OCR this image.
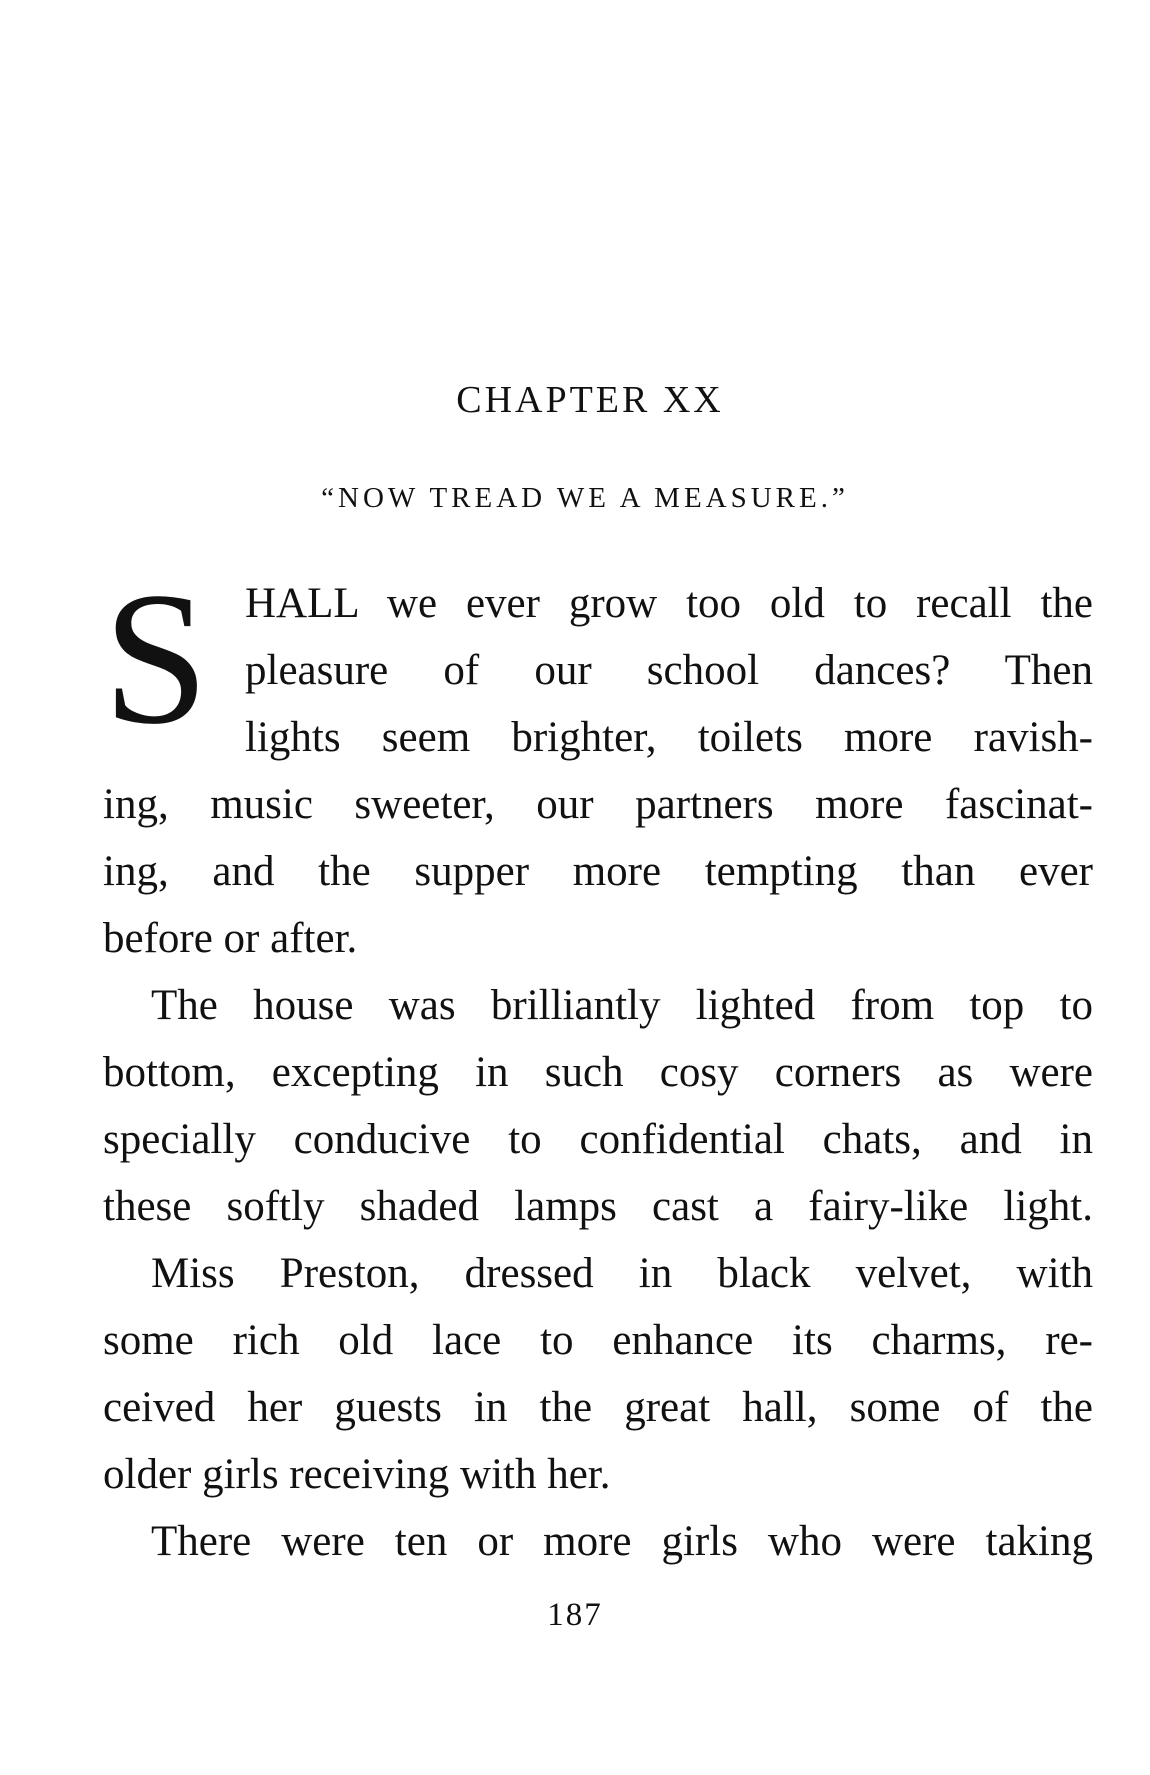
CHAPTER XX
“NOW TREAD WE A MEASURE.”
S HALL we ever grow too old to recall the
pleasure of our school dances? Then
lights seem brighter, toilets more ravish-
ing, music sweeter, our partners more fascinat-
ing, and the supper more tempting than ever
before or after.
The house was brilliantly lighted from top to
bottom, excepting in such cosy corners as were
specially conducive to confidential chats, and in
these softly shaded lamps cast a fairy-like light.
Miss Preston, dressed in black velvet, with
some rich old lace to enhance its charms, re-
ceived her guests in the great hall, some of the
older girls receiving with her.
There were ten or more girls who were taking
187
